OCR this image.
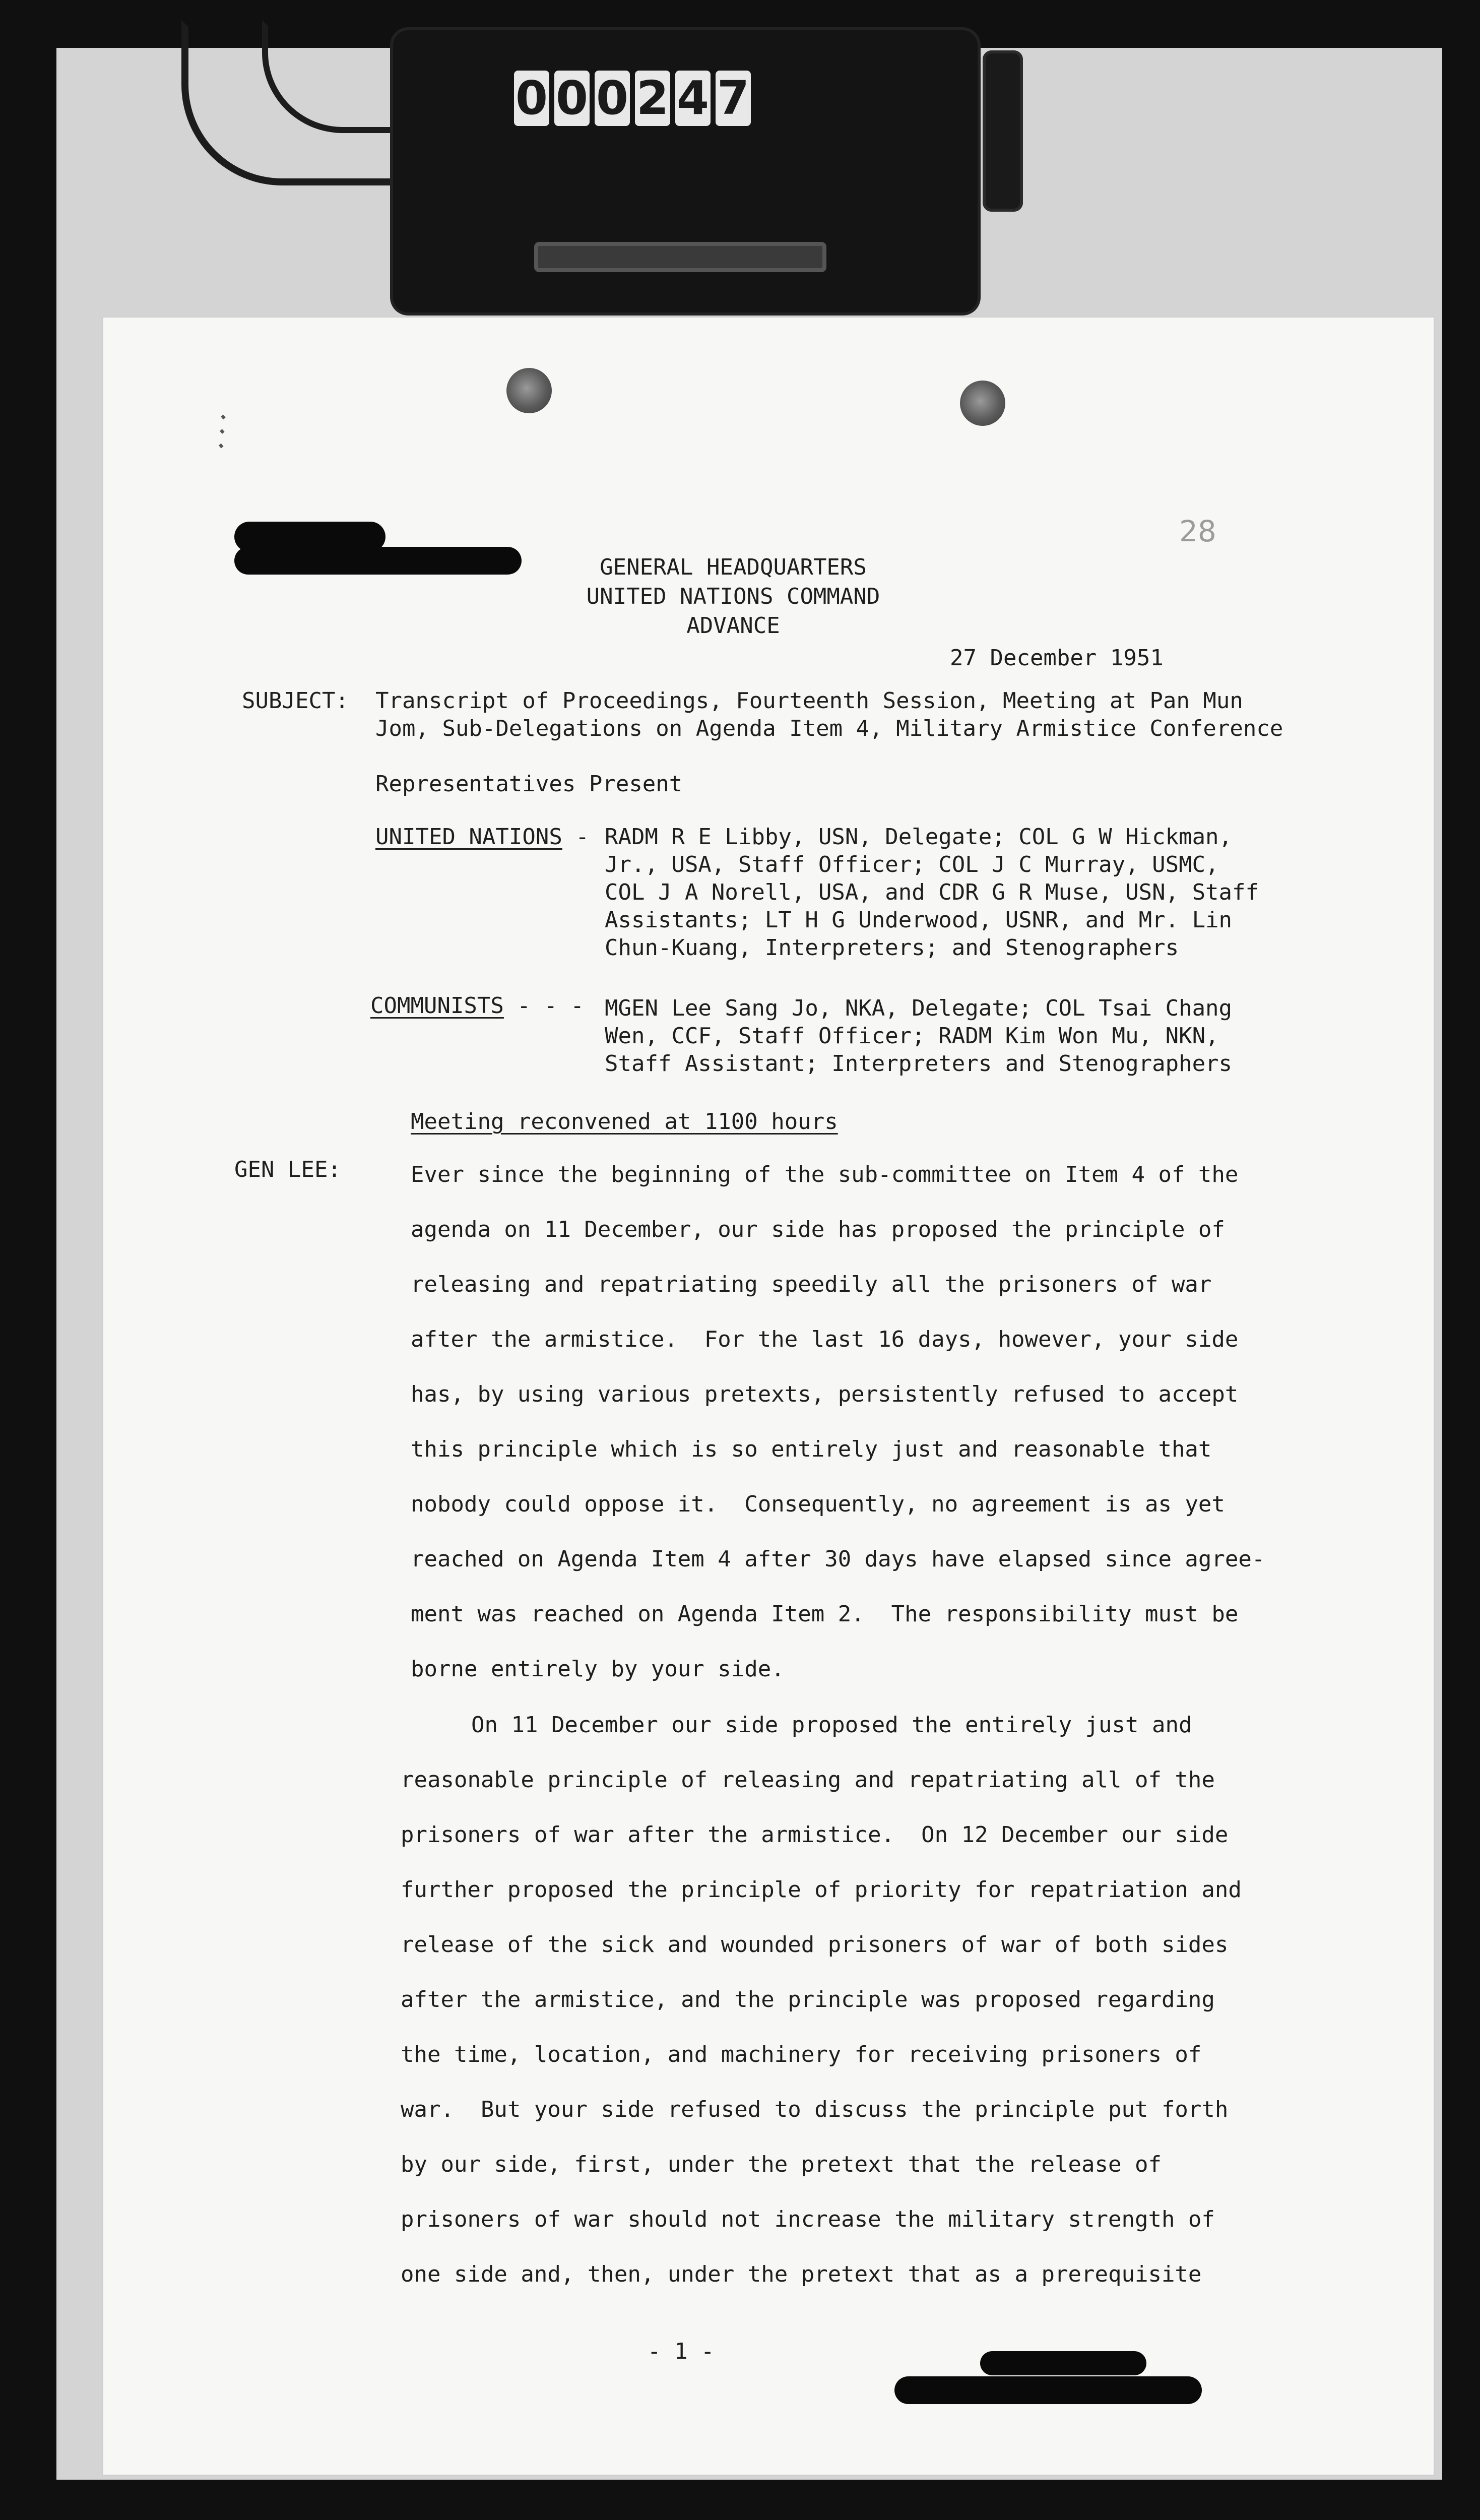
0 0 0 2 4 7
⋰
28
GENERAL HEADQUARTERS
UNITED NATIONS COMMAND
ADVANCE
27 December 1951
SUBJECT: Transcript of Proceedings, Fourteenth Session, Meeting at Pan Mun
Jom, Sub-Delegations on Agenda Item 4, Military Armistice Conference
Representatives Present
UNITED NATIONS - RADM R E Libby, USN, Delegate; COL G W Hickman,
Jr., USA, Staff Officer; COL J C Murray, USMC,
COL J A Norell, USA, and CDR G R Muse, USN, Staff
Assistants; LT H G Underwood, USNR, and Mr. Lin
Chun-Kuang, Interpreters; and Stenographers
COMMUNISTS - - - MGEN Lee Sang Jo, NKA, Delegate; COL Tsai Chang
Wen, CCF, Staff Officer; RADM Kim Won Mu, NKN,
Staff Assistant; Interpreters and Stenographers
Meeting reconvened at 1100 hours
GEN LEE:	Ever since the beginning of the sub-committee on Item 4 of the
agenda on 11 December, our side has proposed the principle of
releasing and repatriating speedily all the prisoners of war
after the armistice.  For the last 16 days, however, your side
has, by using various pretexts, persistently refused to accept
this principle which is so entirely just and reasonable that
nobody could oppose it.  Consequently, no agreement is as yet
reached on Agenda Item 4 after 30 days have elapsed since agree-
ment was reached on Agenda Item 2.  The responsibility must be
borne entirely by your side.
On 11 December our side proposed the entirely just and
reasonable principle of releasing and repatriating all of the
prisoners of war after the armistice.  On 12 December our side
further proposed the principle of priority for repatriation and
release of the sick and wounded prisoners of war of both sides
after the armistice, and the principle was proposed regarding
the time, location, and machinery for receiving prisoners of
war.  But your side refused to discuss the principle put forth
by our side, first, under the pretext that the release of
prisoners of war should not increase the military strength of
one side and, then, under the pretext that as a prerequisite
- 1 -
